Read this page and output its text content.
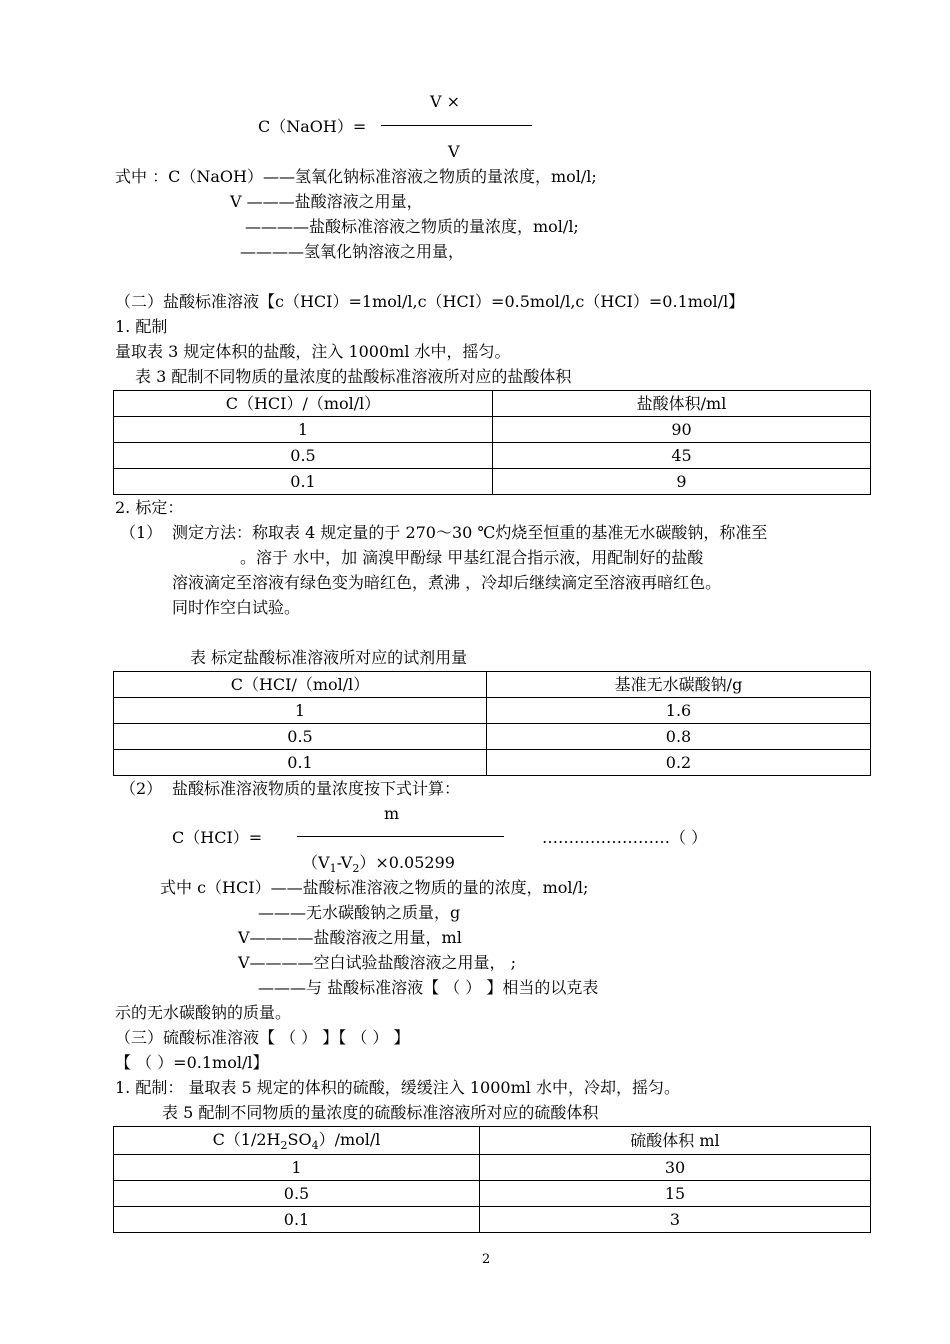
V ×
C（NaOH）=
V
式中 ：C（NaOH）——氢氧化钠标准溶液之物质的量浓度，mol/l;
V ———盐酸溶液之用量，
————盐酸标准溶液之物质的量浓度，mol/l;
————氢氧化钠溶液之用量，
（二）盐酸标准溶液【c（HCI）=1mol/l,c（HCI）=0.5mol/l,c（HCI）=0.1mol/l】
1. 配制
量取表 3 规定体积的盐酸，注入 1000ml 水中，摇匀。
表 3 配制不同物质的量浓度的盐酸标准溶液所对应的盐酸体积
C（HCI）/（mol/l）	盐酸体积/ml
1	90
0.5	45
0.1	9
2. 标定：
（1） 测定方法：称取表 4 规定量的于 270～30 ℃灼烧至恒重的基准无水碳酸钠，称准至
。溶于 水中，加 滴溴甲酚绿 甲基红混合指示液，用配制好的盐酸
溶液滴定至溶液有绿色变为暗红色，煮沸 ，冷却后继续滴定至溶液再暗红色。
同时作空白试验。
表 标定盐酸标准溶液所对应的试剂用量
C（HCI/（mol/l）	基准无水碳酸钠/g
1	1.6
0.5	0.8
0.1	0.2
（2） 盐酸标准溶液物质的量浓度按下式计算：
m
C（HCI）=	……………………（ ）
$(V_1-V_2)\times 0.05299$
式中 c（HCI）——盐酸标准溶液之物质的量的浓度，mol/l;
———无水碳酸钠之质量，g
V————盐酸溶液之用量，ml
V————空白试验盐酸溶液之用量， ;
———与 盐酸标准溶液【 （ ） 】相当的以克表
示的无水碳酸钠的质量。
（三）硫酸标准溶液【 （ ） 】【 （ ） 】
【 （ ）=0.1mol/l】
1. 配制： 量取表 5 规定的体积的硫酸，缓缓注入 1000ml 水中，冷却，摇匀。
表 5 配制不同物质的量浓度的硫酸标准溶液所对应的硫酸体积
$C(1/2H_2SO_4)/mol/l$	硫酸体积 ml
1	30
0.5	15
0.1	3
2
